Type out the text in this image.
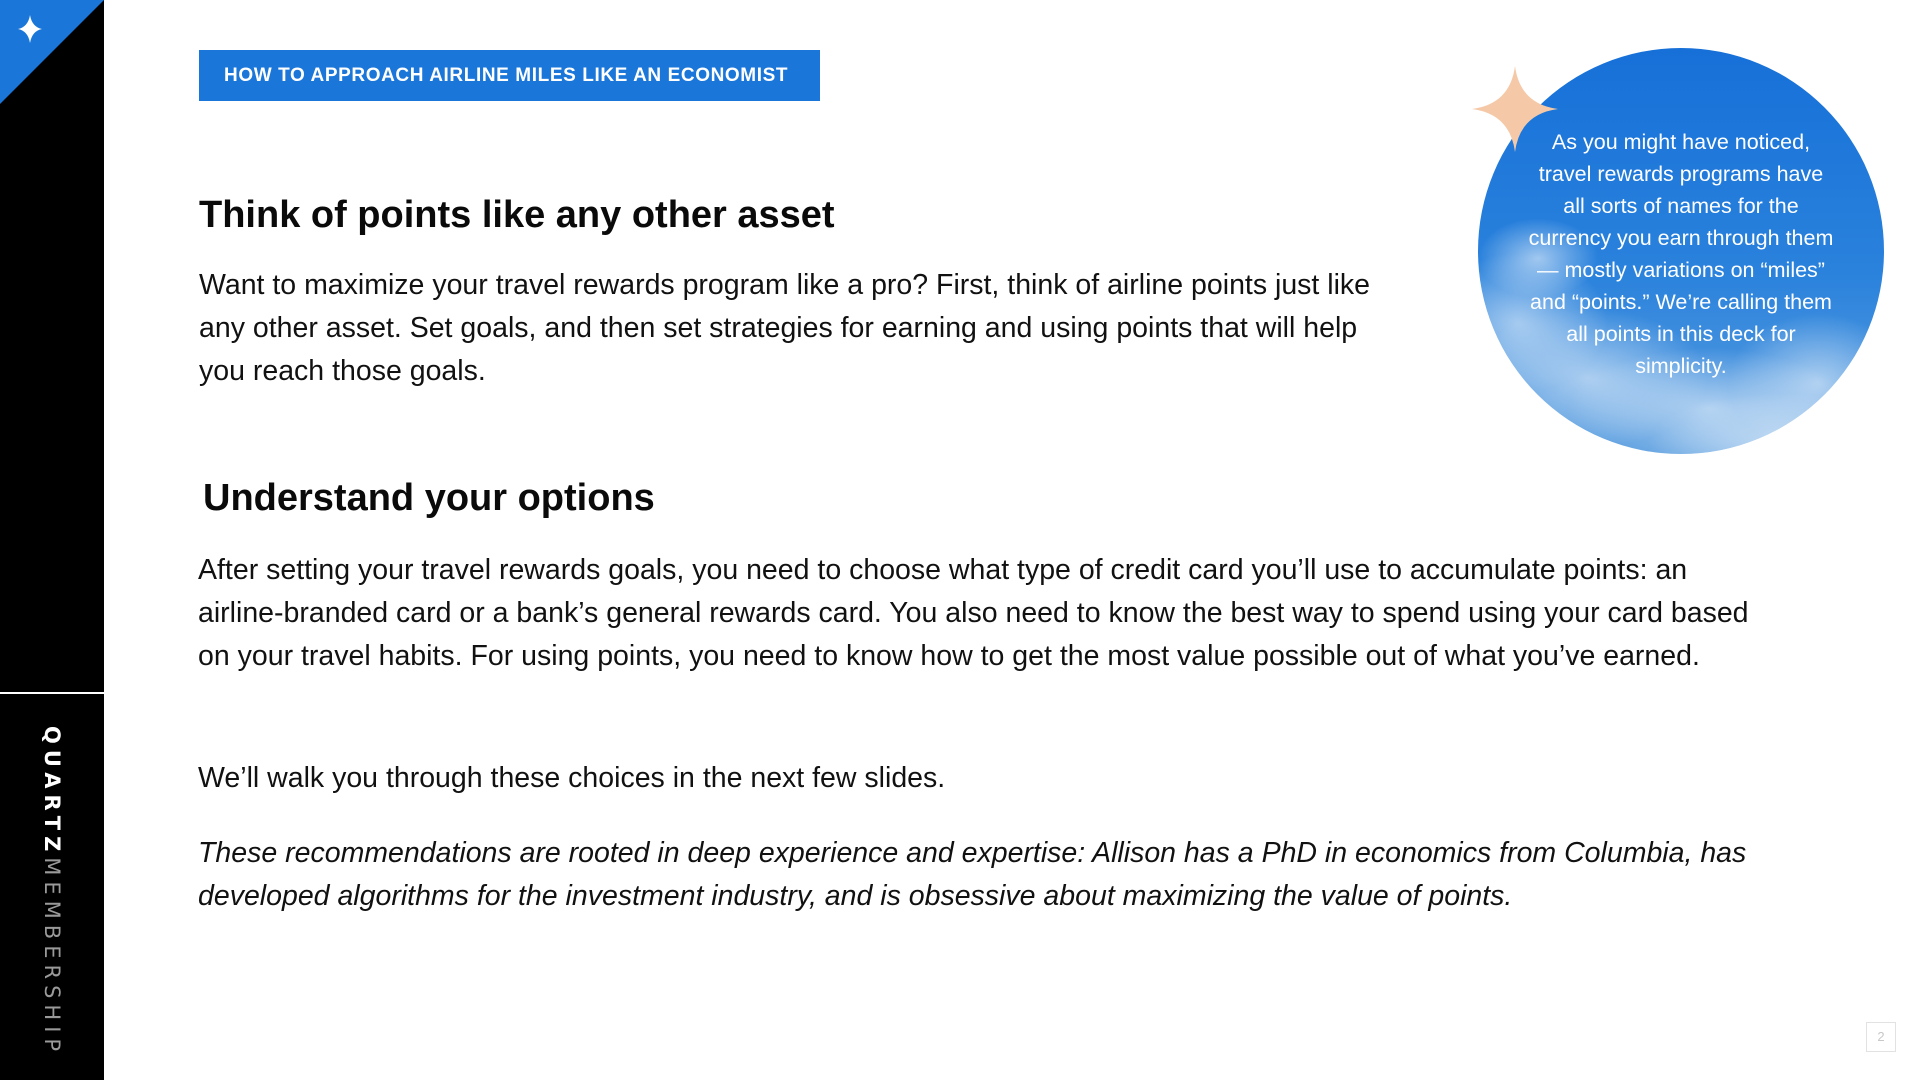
QUARTZMEMBERSHIP
HOW TO APPROACH AIRLINE MILES LIKE AN ECONOMIST
Think of points like any other asset

Want to maximize your travel rewards program like a pro? First, think of airline points just like any other asset. Set goals, and then set strategies for earning and using points that will help you reach those goals.

Understand your options

After setting your travel rewards goals, you need to choose what type of credit card you’ll use to accumulate points: an airline-branded card or a bank’s general rewards card. You also need to know the best way to spend using your card based on your travel habits. For using points, you need to know how to get the most value possible out of what you’ve earned.

We’ll walk you through these choices in the next few slides.

These recommendations are rooted in deep experience and expertise: Allison has a PhD in economics from Columbia, has developed algorithms for the investment industry, and is obsessive about maximizing the value of points.

As you might have noticed, travel rewards programs have all sorts of names for the currency you earn through them— mostly variations on “miles” and “points.” We’re calling them all points in this deck for simplicity.
2
